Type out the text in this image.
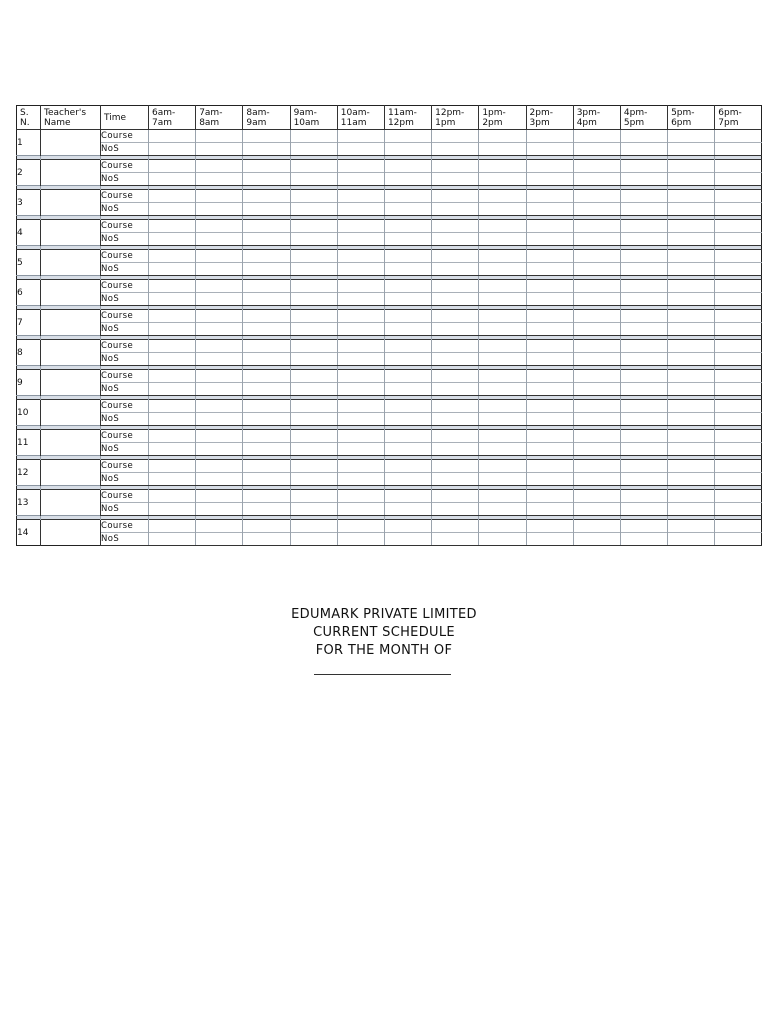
S. N.	Teacher's Name	Time	6am-7am	7am-8am	8am-9am	9am-10am	10am-11am	11am-12pm	12pm-1pm	1pm-2pm	2pm-3pm	3pm-4pm	4pm-5pm	5pm-6pm	6pm-7pm
1		Course													
		NoS													

2		Course													
		NoS													

3		Course													
		NoS													

4		Course													
		NoS													

5		Course													
		NoS													

6		Course													
		NoS													

7		Course													
		NoS													

8		Course													
		NoS													

9		Course													
		NoS													

10		Course													
		NoS													

11		Course													
		NoS													

12		Course													
		NoS													

13		Course													
		NoS													

14		Course													
		NoS													
EDUMARK PRIVATE LIMITED
CURRENT SCHEDULE
FOR THE MONTH OF
